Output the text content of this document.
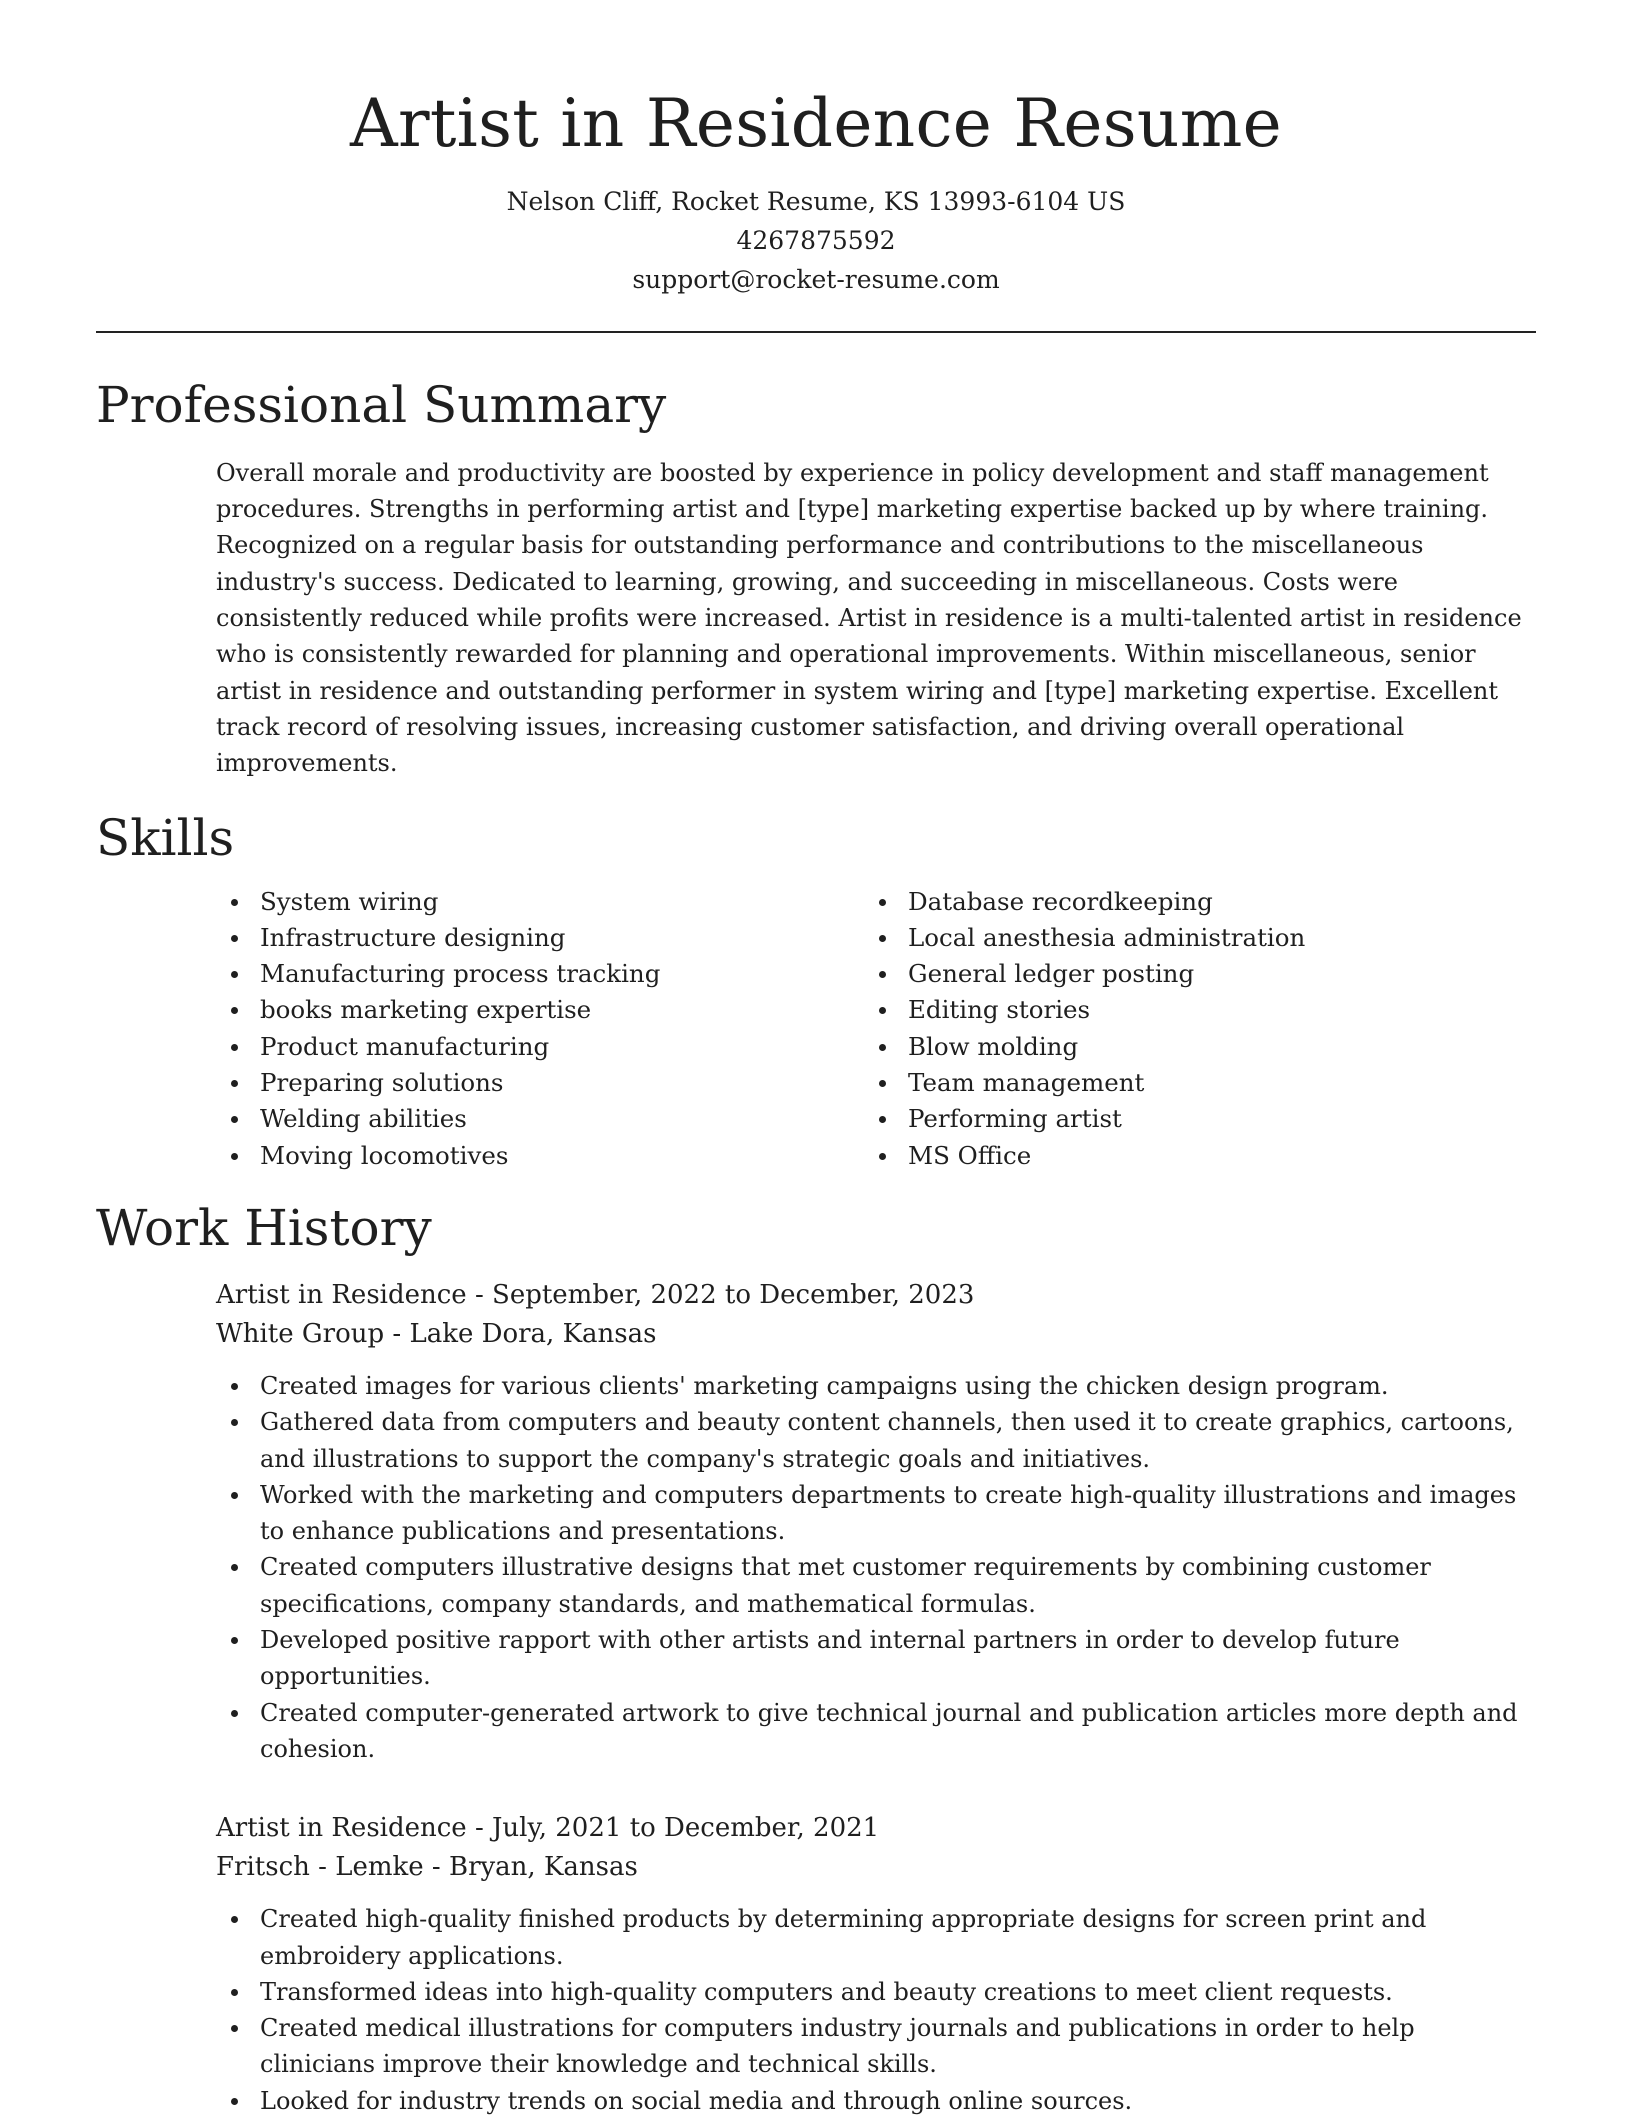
Artist in Residence Resume
Nelson Cliff, Rocket Resume, KS 13993-6104 US
4267875592
support@rocket-resume.com
Professional Summary

Overall morale and productivity are boosted by experience in policy development and staff management procedures. Strengths in performing artist and [type] marketing expertise backed up by where training. Recognized on a regular basis for outstanding performance and contributions to the miscellaneous industry's success. Dedicated to learning, growing, and succeeding in miscellaneous. Costs were consistently reduced while profits were increased. Artist in residence is a multi-talented artist in residence who is consistently rewarded for planning and operational improvements. Within miscellaneous, senior artist in residence and outstanding performer in system wiring and [type] marketing expertise. Excellent track record of resolving issues, increasing customer satisfaction, and driving overall operational improvements.

Skills
System wiring
Infrastructure designing
Manufacturing process tracking
books marketing expertise
Product manufacturing
Preparing solutions
Welding abilities
Moving locomotives
Database recordkeeping
Local anesthesia administration
General ledger posting
Editing stories
Blow molding
Team management
Performing artist
MS Office
Work History
Artist in Residence - September, 2022 to December, 2023
White Group - Lake Dora, Kansas
Created images for various clients' marketing campaigns using the chicken design program.
Gathered data from computers and beauty content channels, then used it to create graphics, cartoons, and illustrations to support the company's strategic goals and initiatives.
Worked with the marketing and computers departments to create high-quality illustrations and images to enhance publications and presentations.
Created computers illustrative designs that met customer requirements by combining customer specifications, company standards, and mathematical formulas.
Developed positive rapport with other artists and internal partners in order to develop future opportunities.
Created computer-generated artwork to give technical journal and publication articles more depth and cohesion.
Artist in Residence - July, 2021 to December, 2021
Fritsch - Lemke - Bryan, Kansas
Created high-quality finished products by determining appropriate designs for screen print and embroidery applications.
Transformed ideas into high-quality computers and beauty creations to meet client requests.
Created medical illustrations for computers industry journals and publications in order to help clinicians improve their knowledge and technical skills.
Looked for industry trends on social media and through online sources.
